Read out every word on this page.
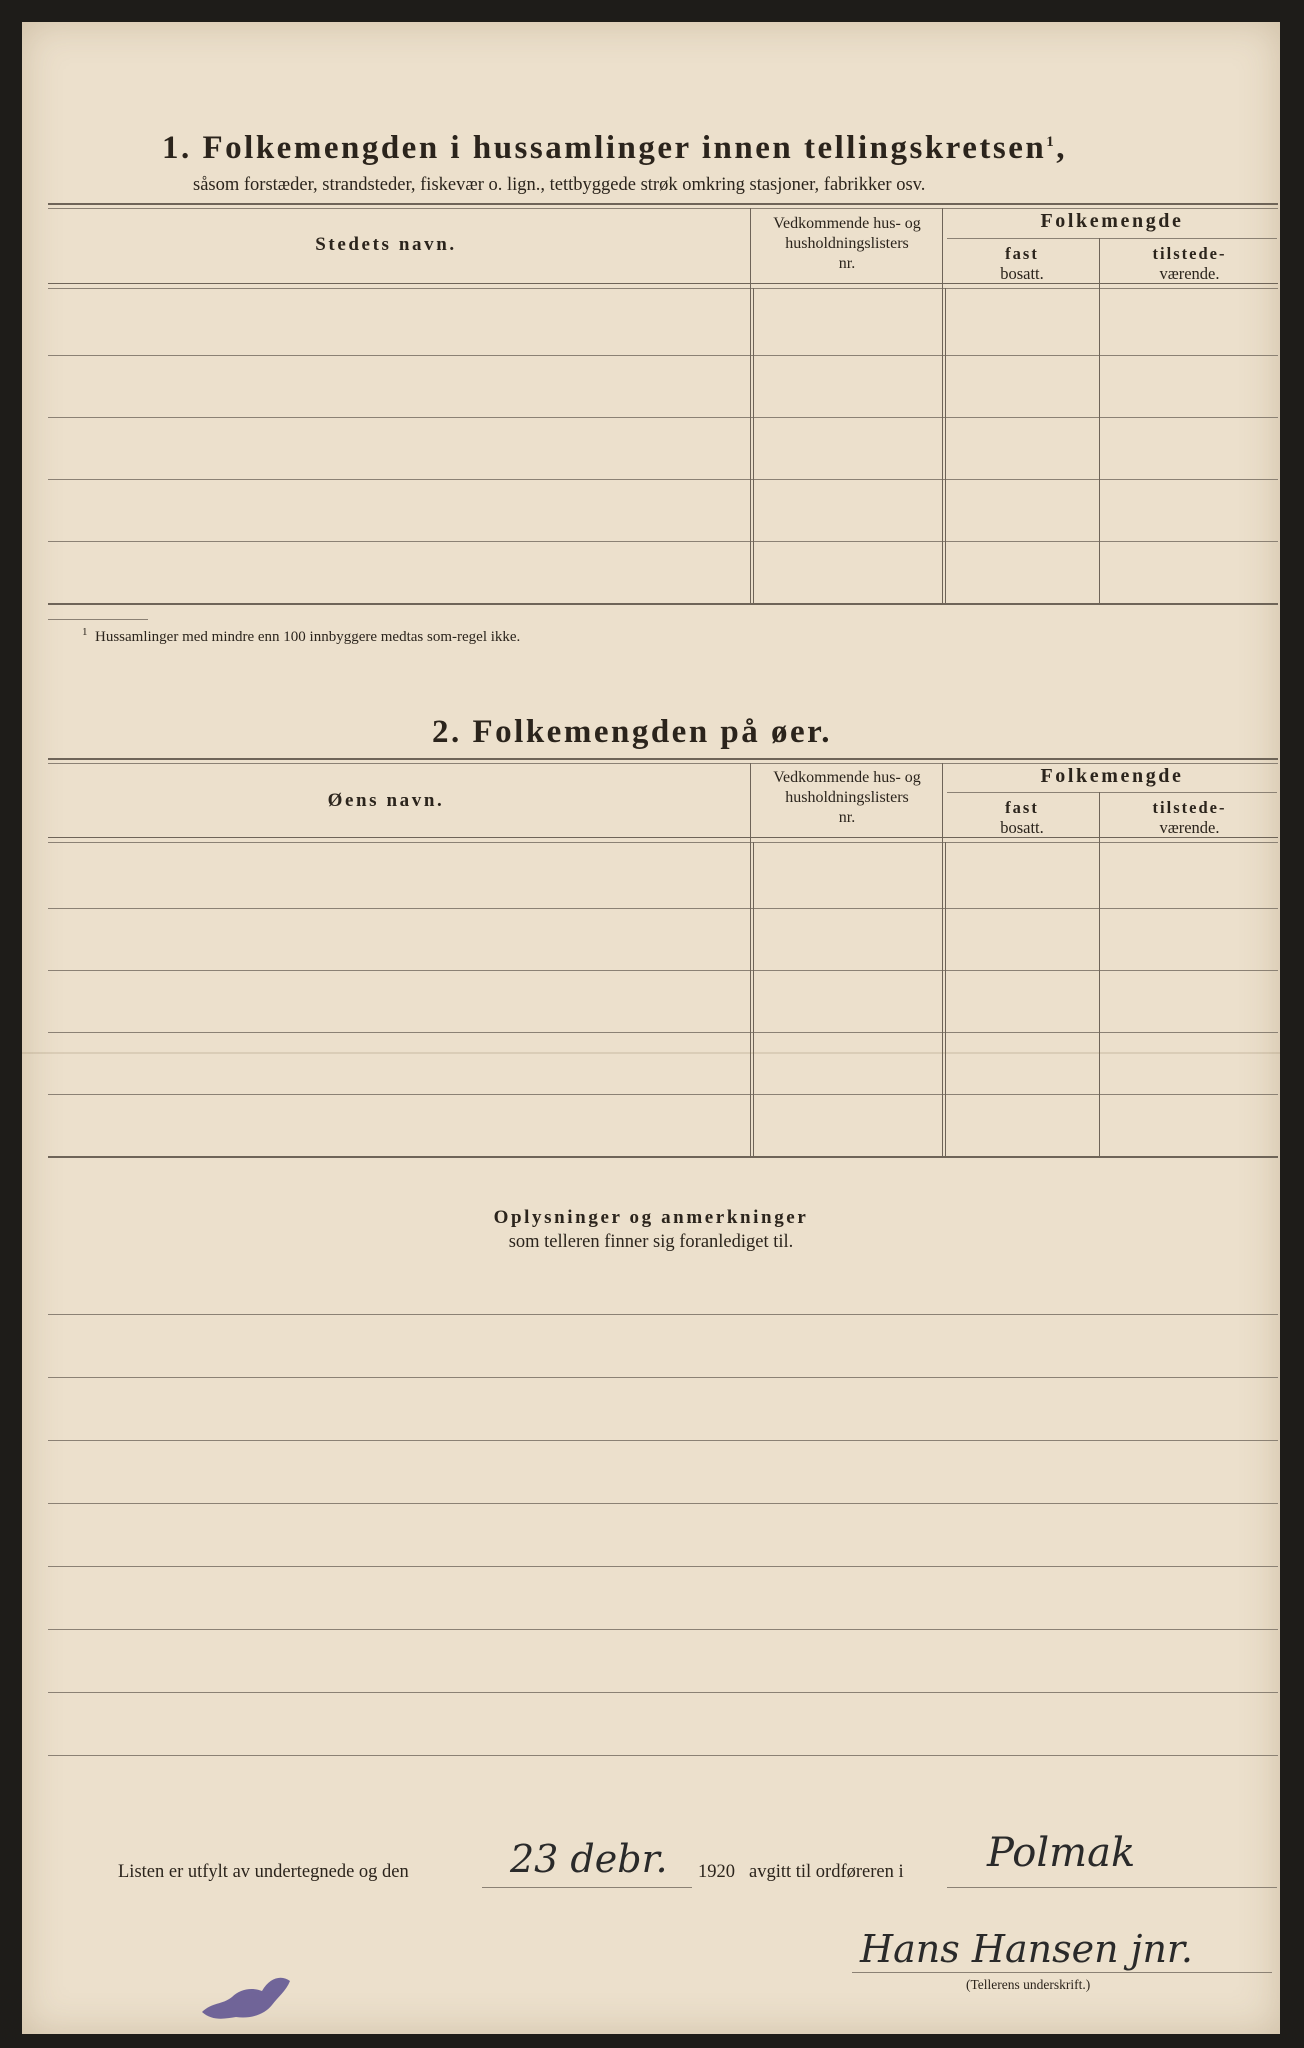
1. Folkemengden i hussamlinger innen tellingskretsen$^1$,
såsom forstæder, strandsteder, fiskevær o. lign., tettbyggede strøk omkring stasjoner, fabrikker osv.
Stedets navn.
Vedkommende hus- og
husholdningslisters
nr.
Folkemengde
fast
bosatt.
tilstede-
værende.
$^1$ Hussamlinger med mindre enn 100 innbyggere medtas som-regel ikke.
2. Folkemengden på øer.
Øens navn.
Vedkommende hus- og
husholdningslisters
nr.
Folkemengde
fast
bosatt.
tilstede-
værende.
Oplysninger og anmerkninger
som telleren finner sig foranlediget til.
Listen er utfylt av undertegnede og den	23 debr. 1920 avgitt til ordføreren i Polmak
Hans Hansen jnr.
(Tellerens underskrift.)
